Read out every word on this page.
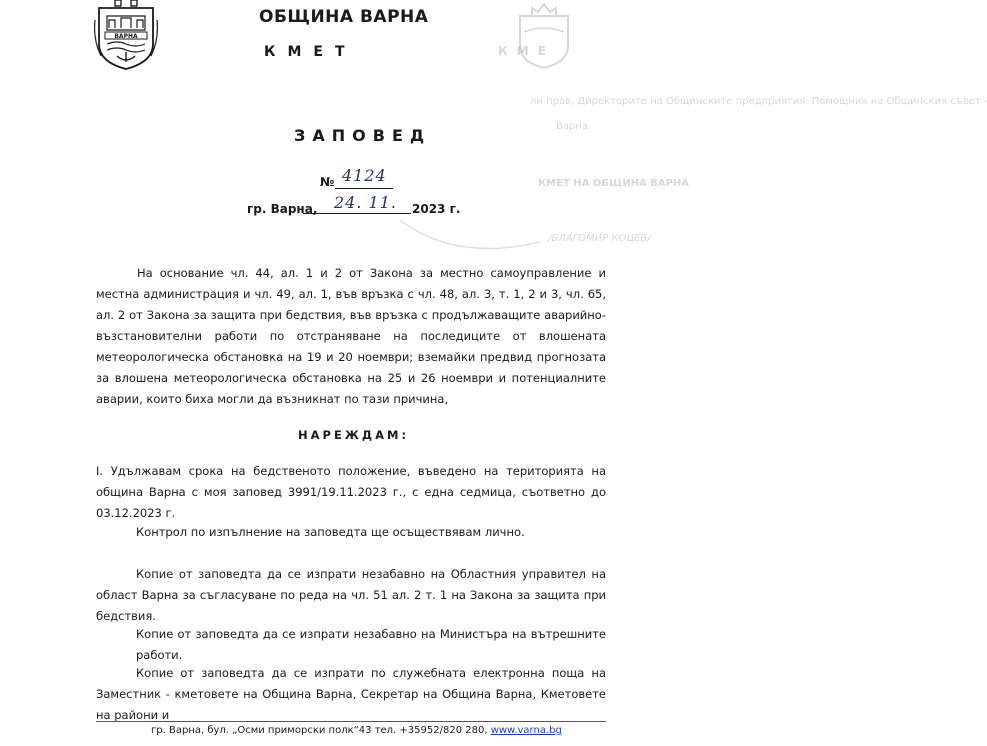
КМЕ
ли прав, Директорите на Общинските предприятия. Помощник на Общинския съвет -
Варна.
КМЕТ НА ОБЩИНА ВАРНА
/БЛАГОМИР КОЦЕВ/
ВАРНА
ОБЩИНА ВАРНА
КМЕТ
ЗАПОВЕД
№ 4124
гр. Варна, 24. 11. 2023 г.
На основание чл. 44, ал. 1 и 2 от Закона за местно самоуправление и местна администрация и чл. 49, ал. 1, във връзка с чл. 48, ал. 3, т. 1, 2 и 3, чл. 65, ал. 2 от Закона за защита при бедствия, във връзка с продължаващите аварийно-възстановителни работи по отстраняване на последиците от влошената метеорологическа обстановка на 19 и 20 ноември; вземайки предвид прогнозата за влошена метеорологическа обстановка на 25 и 26 ноември и потенциалните аварии, които биха могли да възникнат по тази причина,
НАРЕЖДАМ:
I. Удължавам срока на бедственото положение, въведено на територията на община Варна с моя заповед 3991/19.11.2023 г., с една седмица, съответно до 03.12.2023 г.
Контрол по изпълнение на заповедта ще осъществявам лично.
Копие от заповедта да се изпрати незабавно на Областния управител на област Варна за съгласуване по реда на чл. 51 ал. 2 т. 1 на Закона за защита при бедствия.
Копие от заповедта да се изпрати незабавно на Министъра на вътрешните работи.
Копие от заповедта да се изпрати по служебната електронна поща на Заместник - кметовете на Община Варна, Секретар на Община Варна, Кметовете на райони и
гр. Варна, бул. „Осми приморски полк“43 тел. +35952/820 280, www.varna.bg
